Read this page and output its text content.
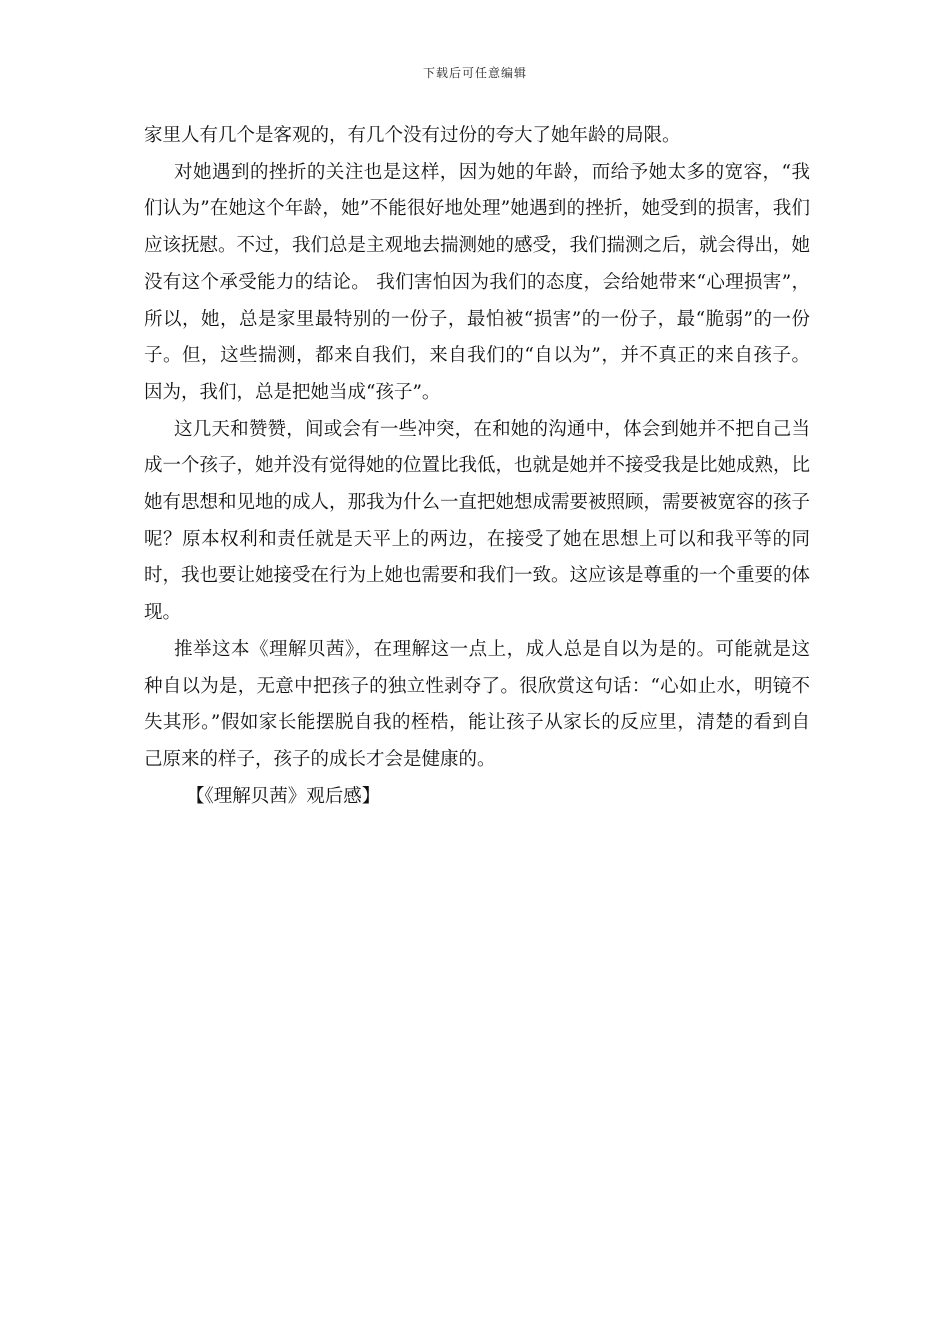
下载后可任意编辑

家里人有几个是客观的，有几个没有过份的夸大了她年龄的局限。

对她遇到的挫折的关注也是这样，因为她的年龄，而给予她太多的宽容，“我们认为”在她这个年龄，她”不能很好地处理”她遇到的挫折，她受到的损害，我们应该抚慰。不过，我们总是主观地去揣测她的感受，我们揣测之后，就会得出，她没有这个承受能力的结论。 我们害怕因为我们的态度，会给她带来“心理损害”，所以，她，总是家里最特别的一份子，最怕被“损害”的一份子，最“脆弱”的一份子。但，这些揣测，都来自我们，来自我们的“自以为”，并不真正的来自孩子。因为，我们，总是把她当成“孩子”。

这几天和赞赞，间或会有一些冲突，在和她的沟通中，体会到她并不把自己当成一个孩子，她并没有觉得她的位置比我低，也就是她并不接受我是比她成熟，比她有思想和见地的成人，那我为什么一直把她想成需要被照顾，需要被宽容的孩子呢？原本权利和责任就是天平上的两边，在接受了她在思想上可以和我平等的同时，我也要让她接受在行为上她也需要和我们一致。这应该是尊重的一个重要的体现。

推举这本《理解贝茜》，在理解这一点上，成人总是自以为是的。可能就是这种自以为是，无意中把孩子的独立性剥夺了。很欣赏这句话：“心如止水，明镜不失其形。”假如家长能摆脱自我的桎梏，能让孩子从家长的反应里，清楚的看到自己原来的样子，孩子的成长才会是健康的。

【《理解贝茜》观后感】
